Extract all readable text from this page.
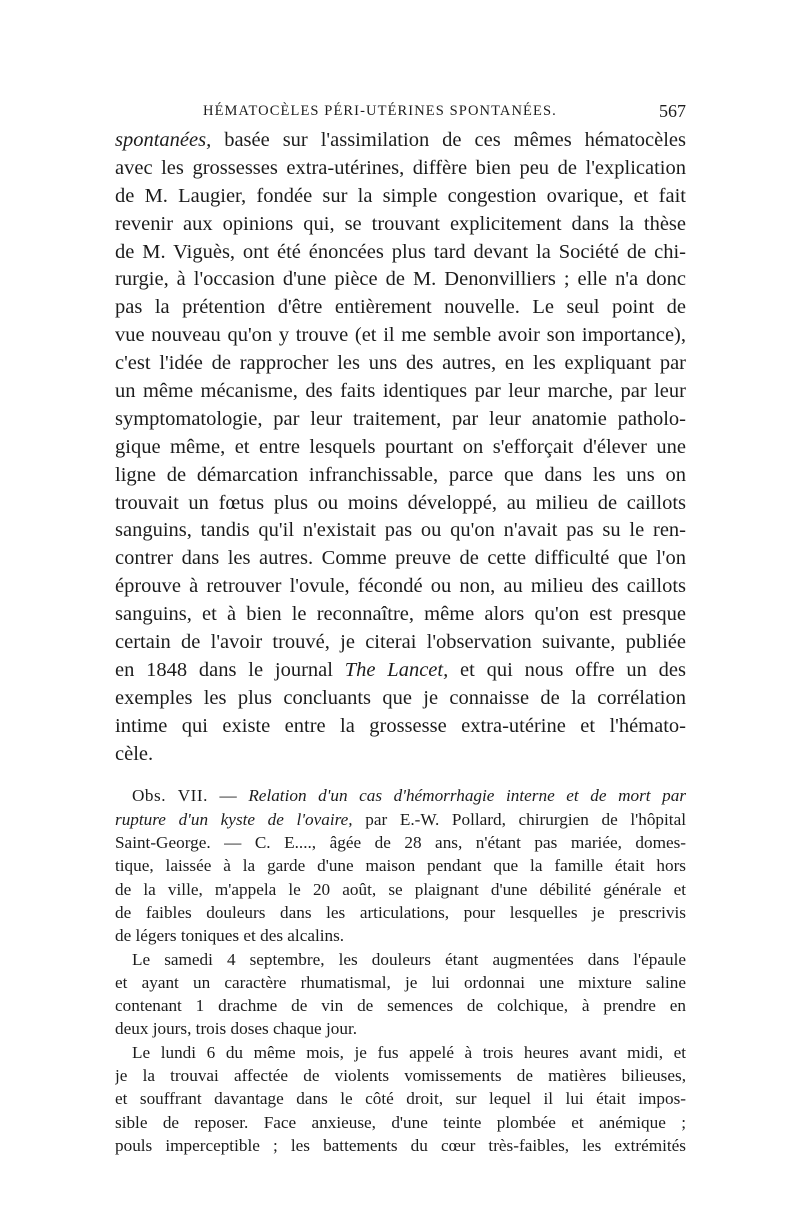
HÉMATOCÈLES PÉRI-UTÉRINES SPONTANÉES.	567
spontanées, basée sur l'assimilation de ces mêmes hématocèles
avec les grossesses extra-utérines, diffère bien peu de l'explication
de M. Laugier, fondée sur la simple congestion ovarique, et fait
revenir aux opinions qui, se trouvant explicitement dans la thèse
de M. Viguès, ont été énoncées plus tard devant la Société de chi-
rurgie, à l'occasion d'une pièce de M. Denonvilliers ; elle n'a donc
pas la prétention d'être entièrement nouvelle. Le seul point de
vue nouveau qu'on y trouve (et il me semble avoir son importance),
c'est l'idée de rapprocher les uns des autres, en les expliquant par
un même mécanisme, des faits identiques par leur marche, par leur
symptomatologie, par leur traitement, par leur anatomie patholo-
gique même, et entre lesquels pourtant on s'efforçait d'élever une
ligne de démarcation infranchissable, parce que dans les uns on
trouvait un fœtus plus ou moins développé, au milieu de caillots
sanguins, tandis qu'il n'existait pas ou qu'on n'avait pas su le ren-
contrer dans les autres. Comme preuve de cette difficulté que l'on
éprouve à retrouver l'ovule, fécondé ou non, au milieu des caillots
sanguins, et à bien le reconnaître, même alors qu'on est presque
certain de l'avoir trouvé, je citerai l'observation suivante, publiée
en 1848 dans le journal The Lancet, et qui nous offre un des
exemples les plus concluants que je connaisse de la corrélation
intime qui existe entre la grossesse extra-utérine et l'hémato-
cèle.
Obs. VII. — Relation d'un cas d'hémorrhagie interne et de mort par
rupture d'un kyste de l'ovaire, par E.-W. Pollard, chirurgien de l'hôpital
Saint-George. — C. E...., âgée de 28 ans, n'étant pas mariée, domes-
tique, laissée à la garde d'une maison pendant que la famille était hors
de la ville, m'appela le 20 août, se plaignant d'une débilité générale et
de faibles douleurs dans les articulations, pour lesquelles je prescrivis
de légers toniques et des alcalins.
Le samedi 4 septembre, les douleurs étant augmentées dans l'épaule
et ayant un caractère rhumatismal, je lui ordonnai une mixture saline
contenant 1 drachme de vin de semences de colchique, à prendre en
deux jours, trois doses chaque jour.
Le lundi 6 du même mois, je fus appelé à trois heures avant midi, et
je la trouvai affectée de violents vomissements de matières bilieuses,
et souffrant davantage dans le côté droit, sur lequel il lui était impos-
sible de reposer. Face anxieuse, d'une teinte plombée et anémique ;
pouls imperceptible ; les battements du cœur très-faibles, les extrémités
